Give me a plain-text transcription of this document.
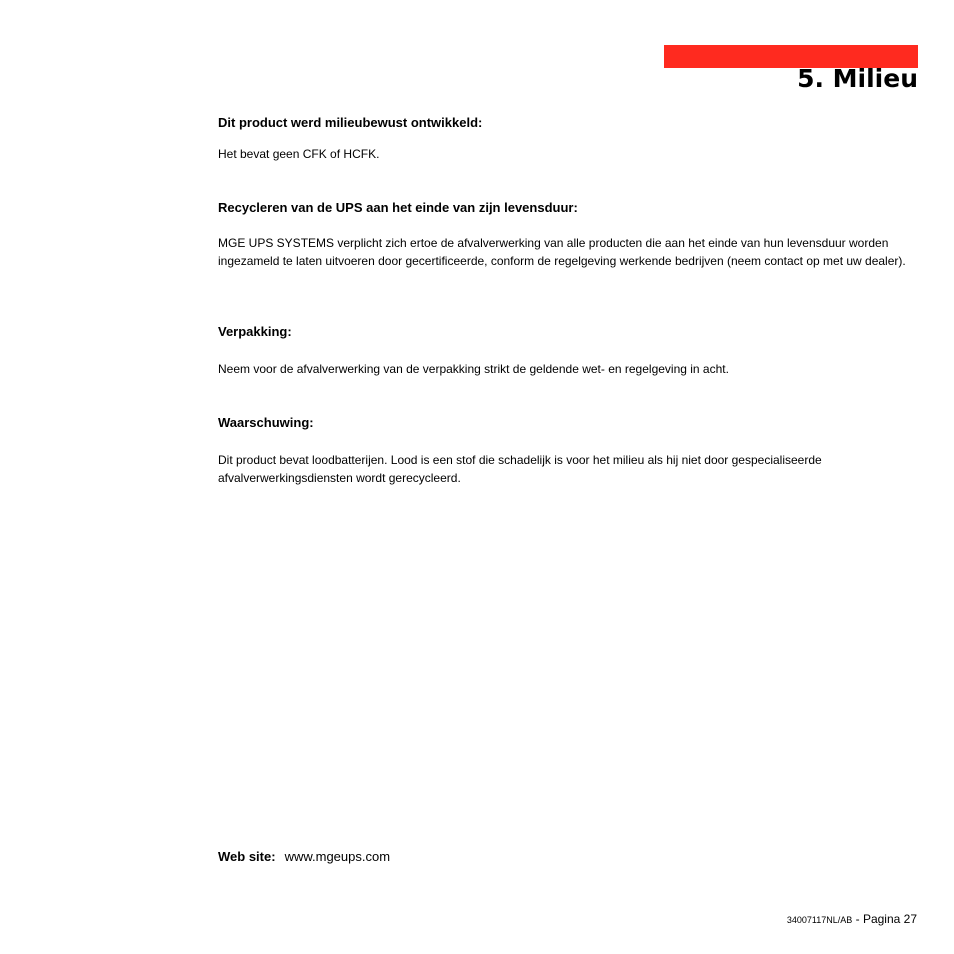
5. Milieu
Dit product werd milieubewust ontwikkeld:

Het bevat geen CFK of HCFK.

Recycleren van de UPS aan het einde van zijn levensduur:

MGE UPS SYSTEMS verplicht zich ertoe de afvalverwerking van alle producten die aan het einde van hun levensduur worden ingezameld te laten uitvoeren door gecertificeerde, conform de regelgeving werkende bedrijven (neem contact op met uw dealer).

Verpakking:

Neem voor de afvalverwerking van de verpakking strikt de geldende wet- en regelgeving in acht.

Waarschuwing:

Dit product bevat loodbatterijen. Lood is een stof die schadelijk is voor het milieu als hij niet door gespecialiseerde afvalverwerkingsdiensten wordt gerecycleerd.

Web site: www.mgeups.com
34007117NL/AB - Pagina 27
